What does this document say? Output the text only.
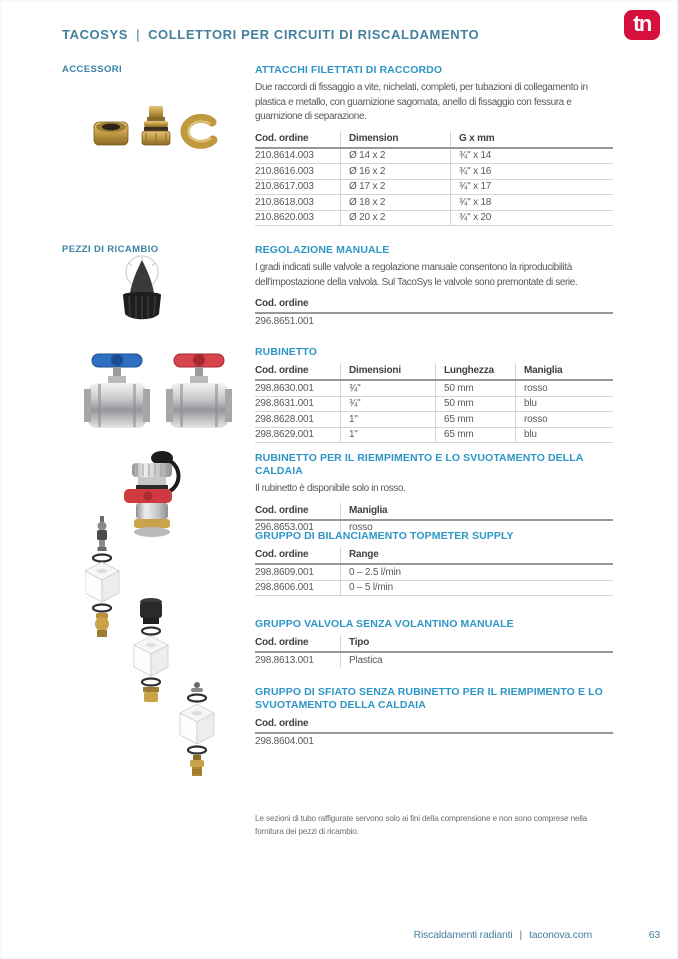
TACOSYS | COLLETTORI PER CIRCUITI DI RISCALDAMENTO	tn
ACCESSORI
PEZZI DI RICAMBIO
ATTACCHI FILETTATI DI RACCORDO

Due raccordi di fissaggio a vite, nichelati, completi, per tubazioni di collegamento in plastica e metallo, con guarnizione sagomata, anello di fissaggio con fessura e guarnizione di separazione.

Cod. ordine	Dimension	G x mm
210.8614.003	Ø 14 x 2	¾" x 14
210.8616.003	Ø 16 x 2	¾" x 16
210.8617.003	Ø 17 x 2	¾" x 17
210.8618.003	Ø 18 x 2	¾" x 18
210.8620.003	Ø 20 x 2	¾" x 20
REGOLAZIONE MANUALE

I gradi indicati sulle valvole a regolazione manuale consentono la riproducibilità dell'impostazione della valvola. Sul TacoSys le valvole sono premontate di serie.

Cod. ordine
296.8651.001
RUBINETTO
Cod. ordine	Dimensioni	Lunghezza	Maniglia
298.8630.001	¾"	50 mm	rosso
298.8631.001	¾"	50 mm	blu
298.8628.001	1"	65 mm	rosso
298.8629.001	1"	65 mm	blu
RUBINETTO PER IL RIEMPIMENTO E LO SVUOTAMENTO DELLA CALDAIA

Il rubinetto è disponibile solo in rosso.

Cod. ordine	Maniglia
296.8653.001	rosso
GRUPPO DI BILANCIAMENTO TOPMETER SUPPLY
Cod. ordine	Range
298.8609.001	0 – 2.5 l/min
298.8606.001	0 – 5 l/min
GRUPPO VALVOLA SENZA VOLANTINO MANUALE
Cod. ordine	Tipo
298.8613.001	Plastica
GRUPPO DI SFIATO SENZA RUBINETTO PER IL RIEMPIMENTO E LO SVUOTAMENTO DELLA CALDAIA
Cod. ordine
298.8604.001
Le sezioni di tubo raffigurate servono solo ai fini della comprensione e non sono comprese nella fornitura dei pezzi di ricambio.
Riscaldamenti radianti | taconova.com	63
